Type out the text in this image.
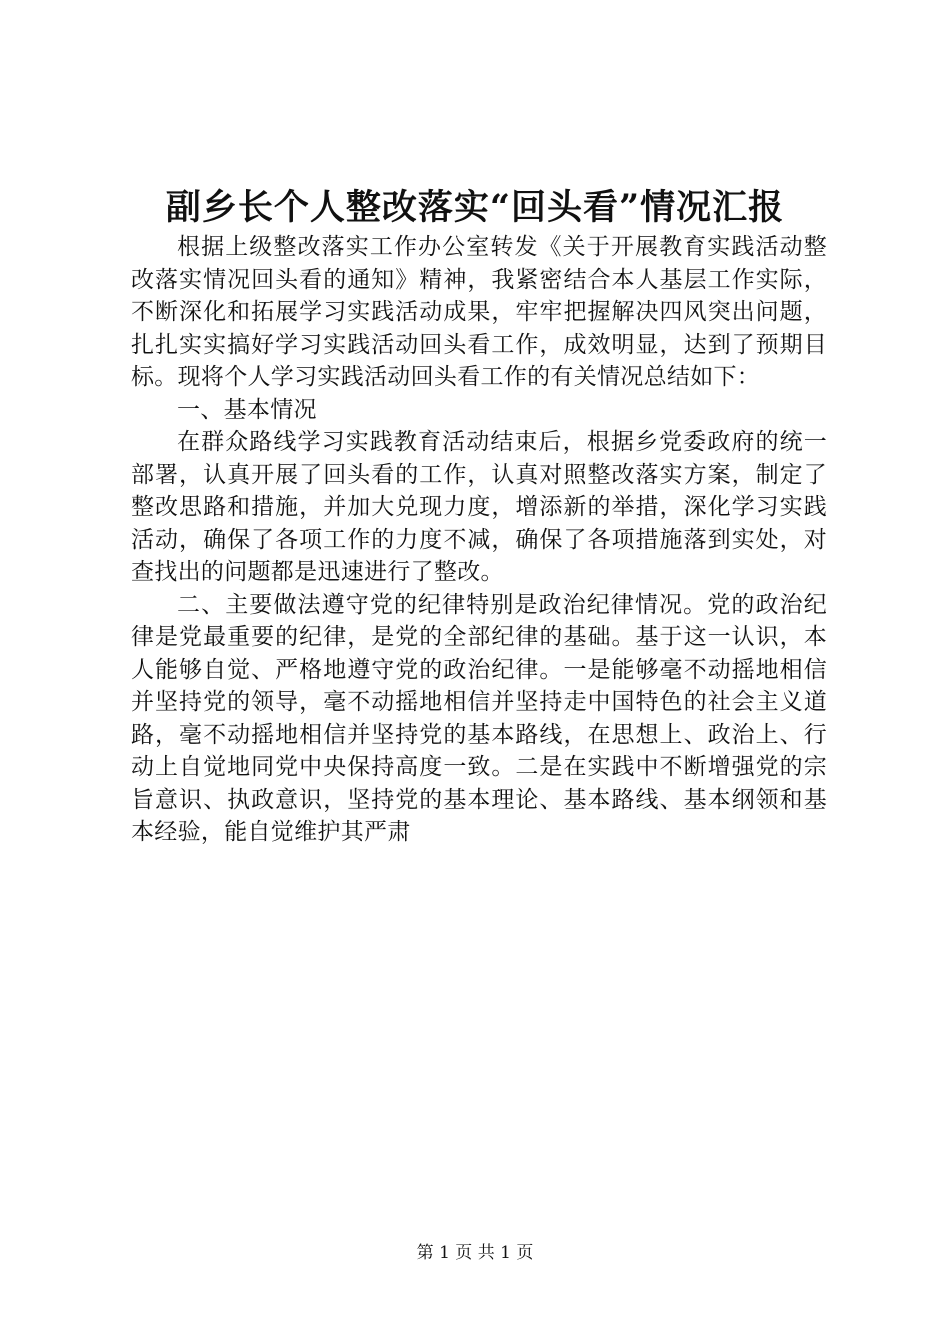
副乡长个人整改落实“回头看”情况汇报

根据上级整改落实工作办公室转发《关于开展教育实践活动整改落实情况回头看的通知》精神，我紧密结合本人基层工作实际，不断深化和拓展学习实践活动成果，牢牢把握解决四风突出问题，扎扎实实搞好学习实践活动回头看工作，成效明显，达到了预期目标。现将个人学习实践活动回头看工作的有关情况总结如下：

一、基本情况

在群众路线学习实践教育活动结束后，根据乡党委政府的统一部署，认真开展了回头看的工作，认真对照整改落实方案，制定了整改思路和措施，并加大兑现力度，增添新的举措，深化学习实践活动，确保了各项工作的力度不减，确保了各项措施落到实处，对查找出的问题都是迅速进行了整改。

二、主要做法遵守党的纪律特别是政治纪律情况。党的政治纪律是党最重要的纪律，是党的全部纪律的基础。基于这一认识，本人能够自觉、严格地遵守党的政治纪律。一是能够毫不动摇地相信并坚持党的领导，毫不动摇地相信并坚持走中国特色的社会主义道路，毫不动摇地相信并坚持党的基本路线，在思想上、政治上、行动上自觉地同党中央保持高度一致。二是在实践中不断增强党的宗旨意识、执政意识，坚持党的基本理论、基本路线、基本纲领和基本经验，能自觉维护其严肃

第 1 页 共 1 页
